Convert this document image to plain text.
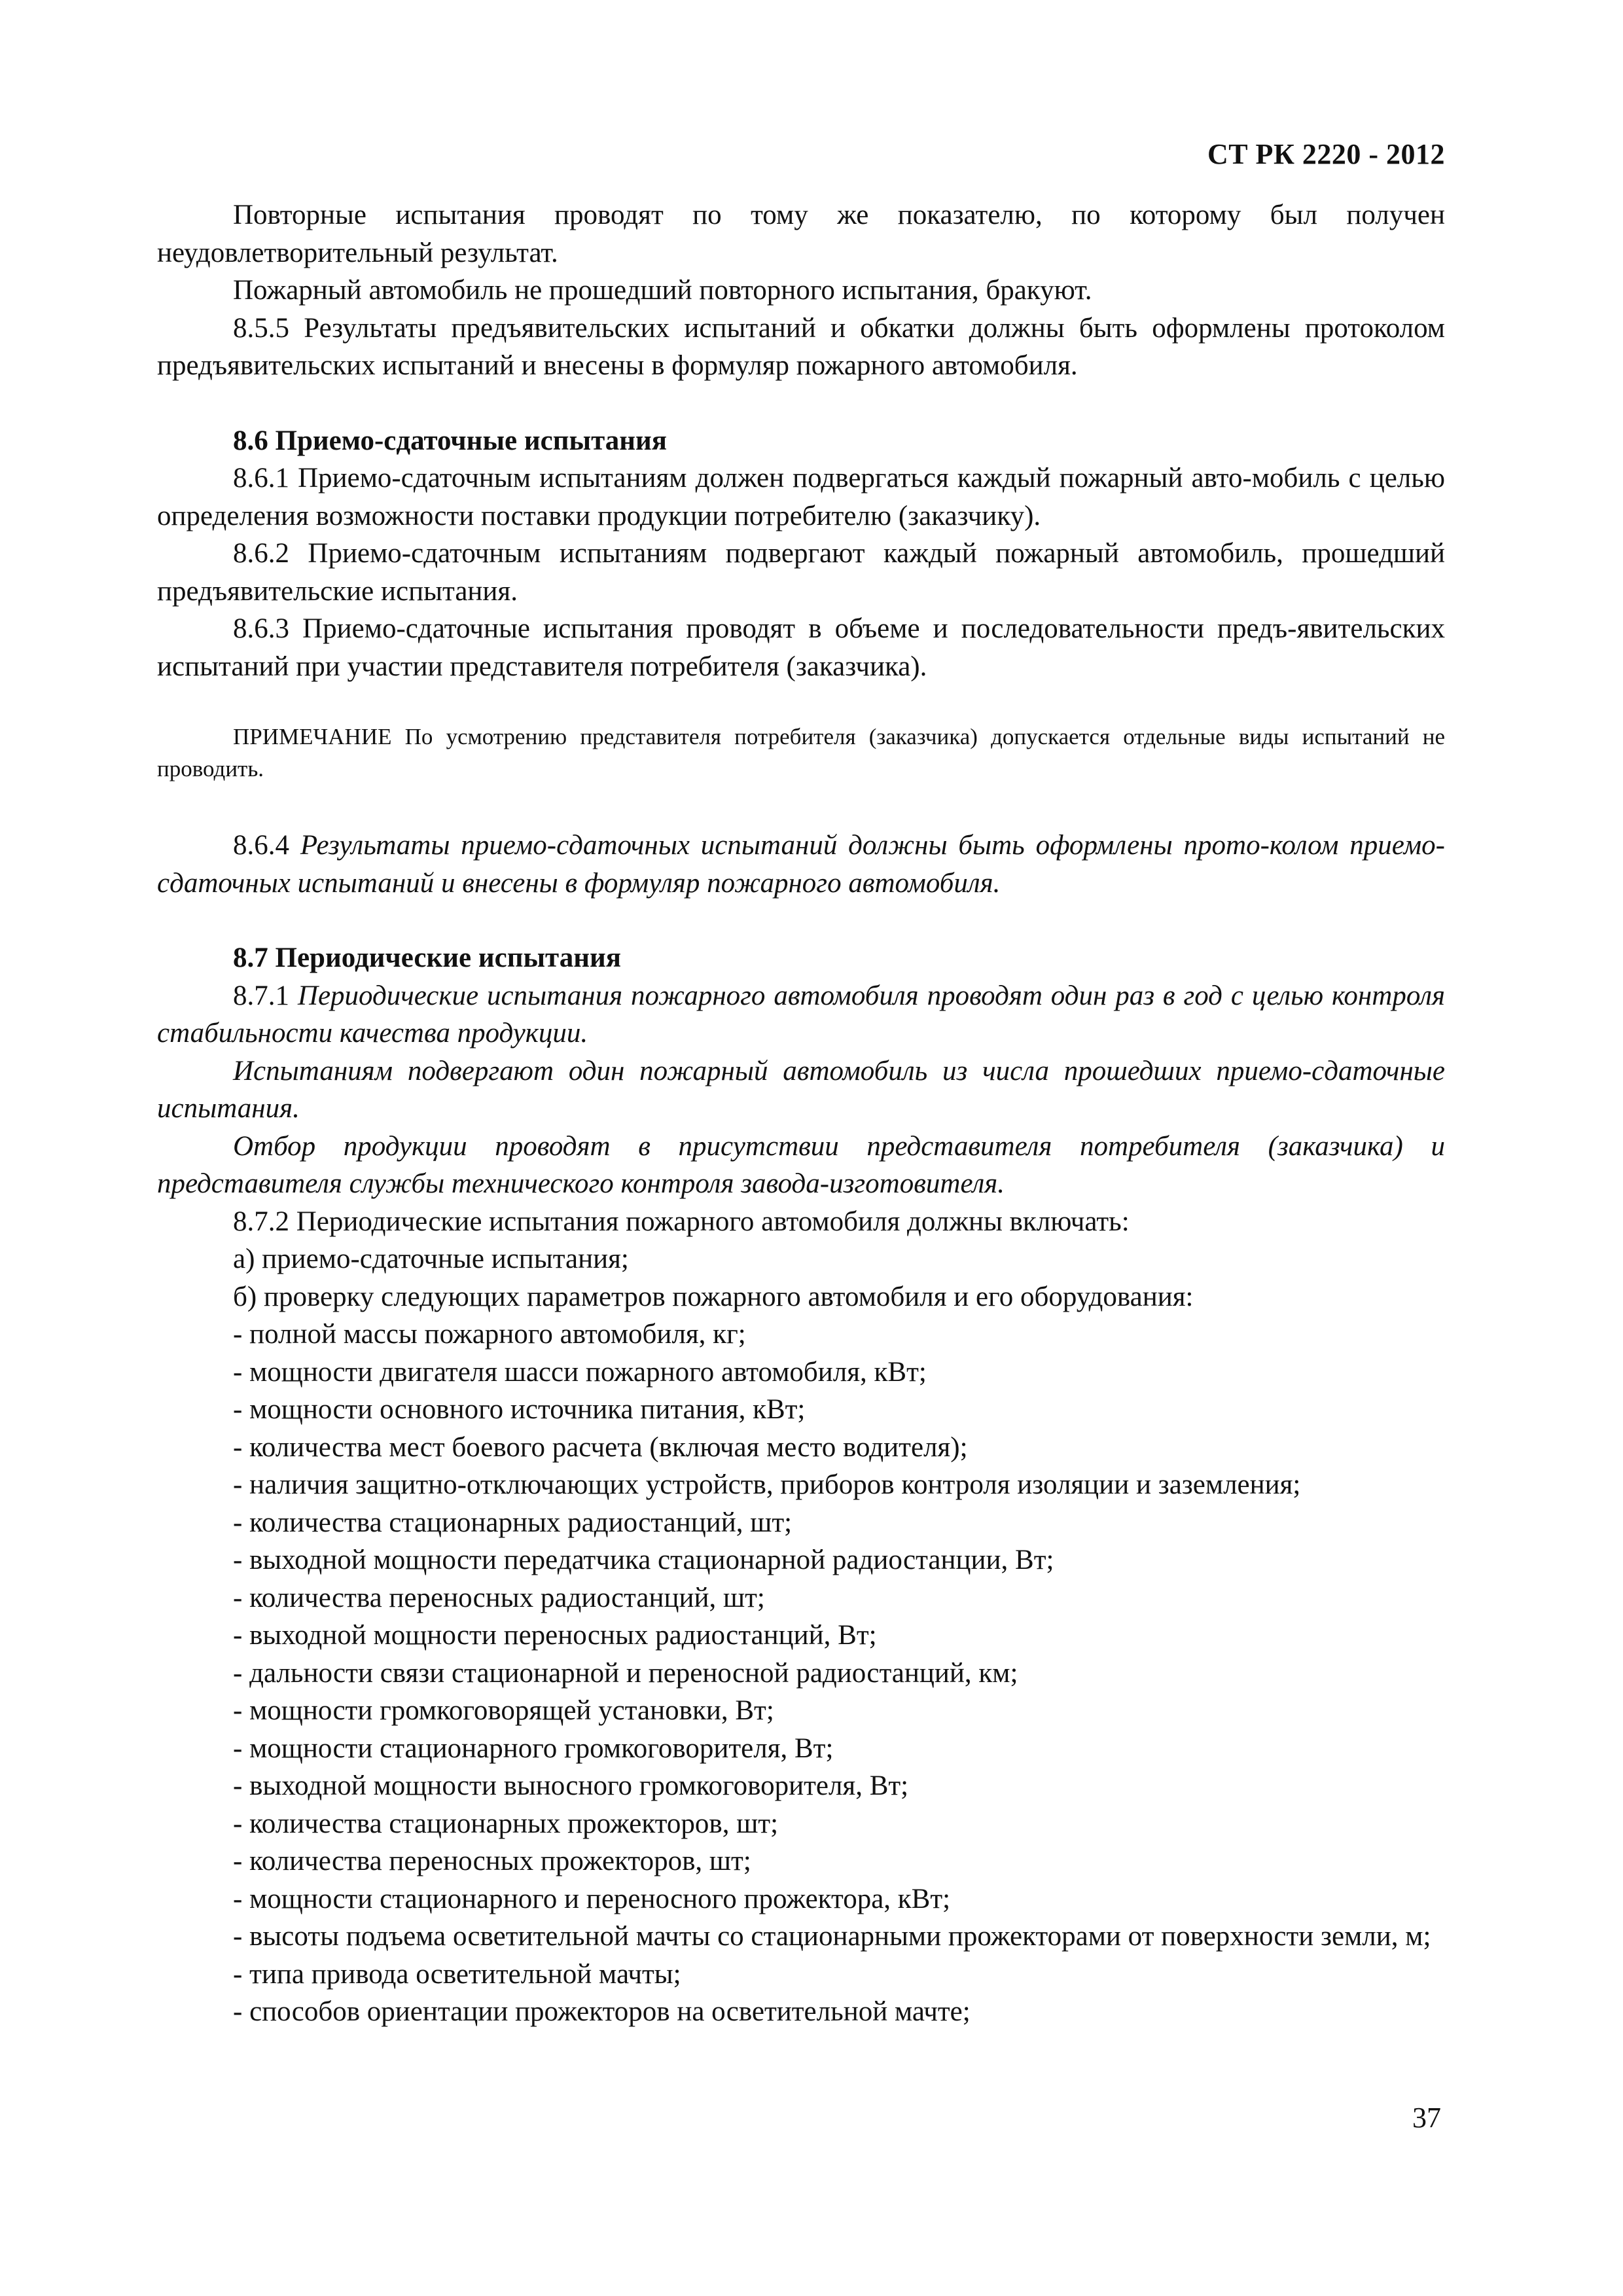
СТ РК 2220 - 2012

Повторные испытания проводят по тому же показателю, по которому был получен неудовлетворительный результат.

Пожарный автомобиль не прошедший повторного испытания, бракуют.

8.5.5 Результаты предъявительских испытаний и обкатки должны быть оформлены протоколом предъявительских испытаний и внесены в формуляр пожарного автомобиля.

8.6 Приемо-сдаточные испытания

8.6.1 Приемо-сдаточным испытаниям должен подвергаться каждый пожарный авто-мобиль с целью определения возможности поставки продукции потребителю (заказчику).

8.6.2 Приемо-сдаточным испытаниям подвергают каждый пожарный автомобиль, прошедший предъявительские испытания.

8.6.3 Приемо-сдаточные испытания проводят в объеме и последовательности предъ-явительских испытаний при участии представителя потребителя (заказчика).

ПРИМЕЧАНИЕ По усмотрению представителя потребителя (заказчика) допускается отдельные виды испытаний не проводить.

8.6.4 Результаты приемо-сдаточных испытаний должны быть оформлены прото-колом приемо-сдаточных испытаний и внесены в формуляр пожарного автомобиля.

8.7 Периодические испытания

8.7.1 Периодические испытания пожарного автомобиля проводят один раз в год с целью контроля стабильности качества продукции.

Испытаниям подвергают один пожарный автомобиль из числа прошедших приемо-сдаточные испытания.

Отбор продукции проводят в присутствии представителя потребителя (заказчика) и представителя службы технического контроля завода-изготовителя.

8.7.2 Периодические испытания пожарного автомобиля должны включать:

а) приемо-сдаточные испытания;

б) проверку следующих параметров пожарного автомобиля и его оборудования:

- полной массы пожарного автомобиля, кг;

- мощности двигателя шасси пожарного автомобиля, кВт;

- мощности основного источника питания, кВт;

- количества мест боевого расчета (включая место водителя);

- наличия защитно-отключающих устройств, приборов контроля изоляции и заземления;

- количества стационарных радиостанций, шт;

- выходной мощности передатчика стационарной радиостанции, Вт;

- количества переносных радиостанций, шт;

- выходной мощности переносных радиостанций, Вт;

- дальности связи стационарной и переносной радиостанций, км;

- мощности громкоговорящей установки, Вт;

- мощности стационарного громкоговорителя, Вт;

- выходной мощности выносного громкоговорителя, Вт;

- количества стационарных прожекторов, шт;

- количества переносных прожекторов, шт;

- мощности стационарного и переносного прожектора, кВт;

- высоты подъема осветительной мачты со стационарными прожекторами от поверхности земли, м;

- типа привода осветительной мачты;

- способов ориентации прожекторов на осветительной мачте;

37
